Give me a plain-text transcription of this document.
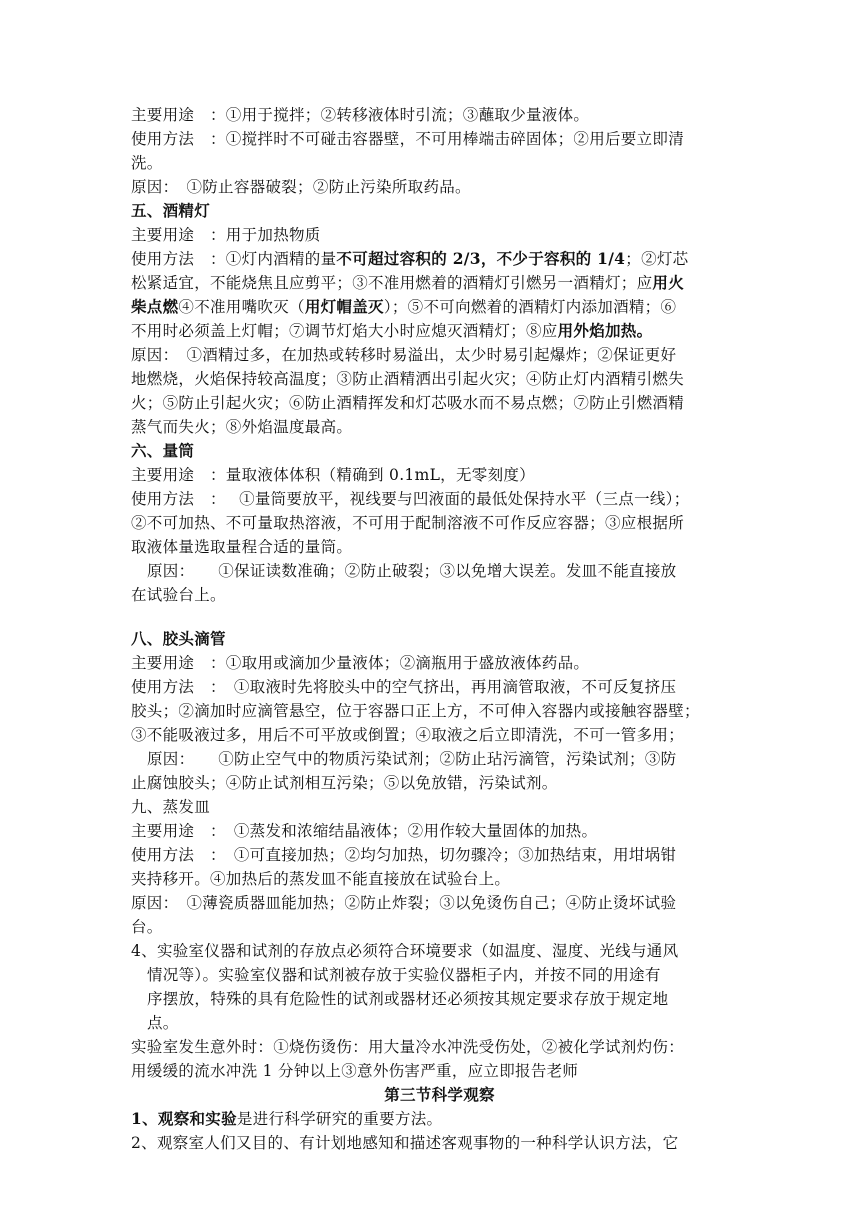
主要用途　：①用于搅拌；②转移液体时引流；③蘸取少量液体。
使用方法　：①搅拌时不可碰击容器壁，不可用棒端击碎固体；②用后要立即清
洗。
原因：　①防止容器破裂；②防止污染所取药品。
五、酒精灯
主要用途　：用于加热物质
使用方法　：①灯内酒精的量不可超过容积的 2/3，不少于容积的 1/4；②灯芯
松紧适宜，不能烧焦且应剪平；③不准用燃着的酒精灯引燃另一酒精灯；应用火
柴点燃④不准用嘴吹灭（用灯帽盖灭）；⑤不可向燃着的酒精灯内添加酒精；⑥
不用时必须盖上灯帽；⑦调节灯焰大小时应熄灭酒精灯；⑧应用外焰加热。
原因：　①酒精过多，在加热或转移时易溢出，太少时易引起爆炸；②保证更好
地燃烧，火焰保持较高温度；③防止酒精洒出引起火灾；④防止灯内酒精引燃失
火；⑤防止引起火灾；⑥防止酒精挥发和灯芯吸水而不易点燃；⑦防止引燃酒精
蒸气而失火；⑧外焰温度最高。
六、量筒
主要用途　：量取液体体积（精确到 0.1mL，无零刻度）
使用方法　：　 ①量筒要放平，视线要与凹液面的最低处保持水平（三点一线）；
②不可加热、不可量取热溶液，不可用于配制溶液不可作反应容器；③应根据所
取液体量选取量程合适的量筒。
原因：　　①保证读数准确；②防止破裂；③以免增大误差。发皿不能直接放
在试验台上。
八、胶头滴管
主要用途　：①取用或滴加少量液体；②滴瓶用于盛放液体药品。
使用方法　：　①取液时先将胶头中的空气挤出，再用滴管取液，不可反复挤压
胶头；②滴加时应滴管悬空，位于容器口正上方，不可伸入容器内或接触容器壁；
③不能吸液过多，用后不可平放或倒置；④取液之后立即清洗，不可一管多用；
原因：　　①防止空气中的物质污染试剂；②防止玷污滴管，污染试剂；③防
止腐蚀胶头；④防止试剂相互污染；⑤以免放错，污染试剂。
九、蒸发皿
主要用途　：　①蒸发和浓缩结晶液体；②用作较大量固体的加热。
使用方法　：　①可直接加热；②均匀加热，切勿骤冷；③加热结束，用坩埚钳
夹持移开。④加热后的蒸发皿不能直接放在试验台上。
原因：　①薄瓷质器皿能加热；②防止炸裂；③以免烫伤自己；④防止烫坏试验
台。
4、实验室仪器和试剂的存放点必须符合环境要求（如温度、湿度、光线与通风
情况等）。实验室仪器和试剂被存放于实验仪器柜子内，并按不同的用途有
序摆放，特殊的具有危险性的试剂或器材还必须按其规定要求存放于规定地
点。
实验室发生意外时：①烧伤烫伤：用大量冷水冲洗受伤处，②被化学试剂灼伤：
用缓缓的流水冲洗 1 分钟以上③意外伤害严重，应立即报告老师
第三节科学观察
1、观察和实验是进行科学研究的重要方法。
2、观察室人们又目的、有计划地感知和描述客观事物的一种科学认识方法，它
